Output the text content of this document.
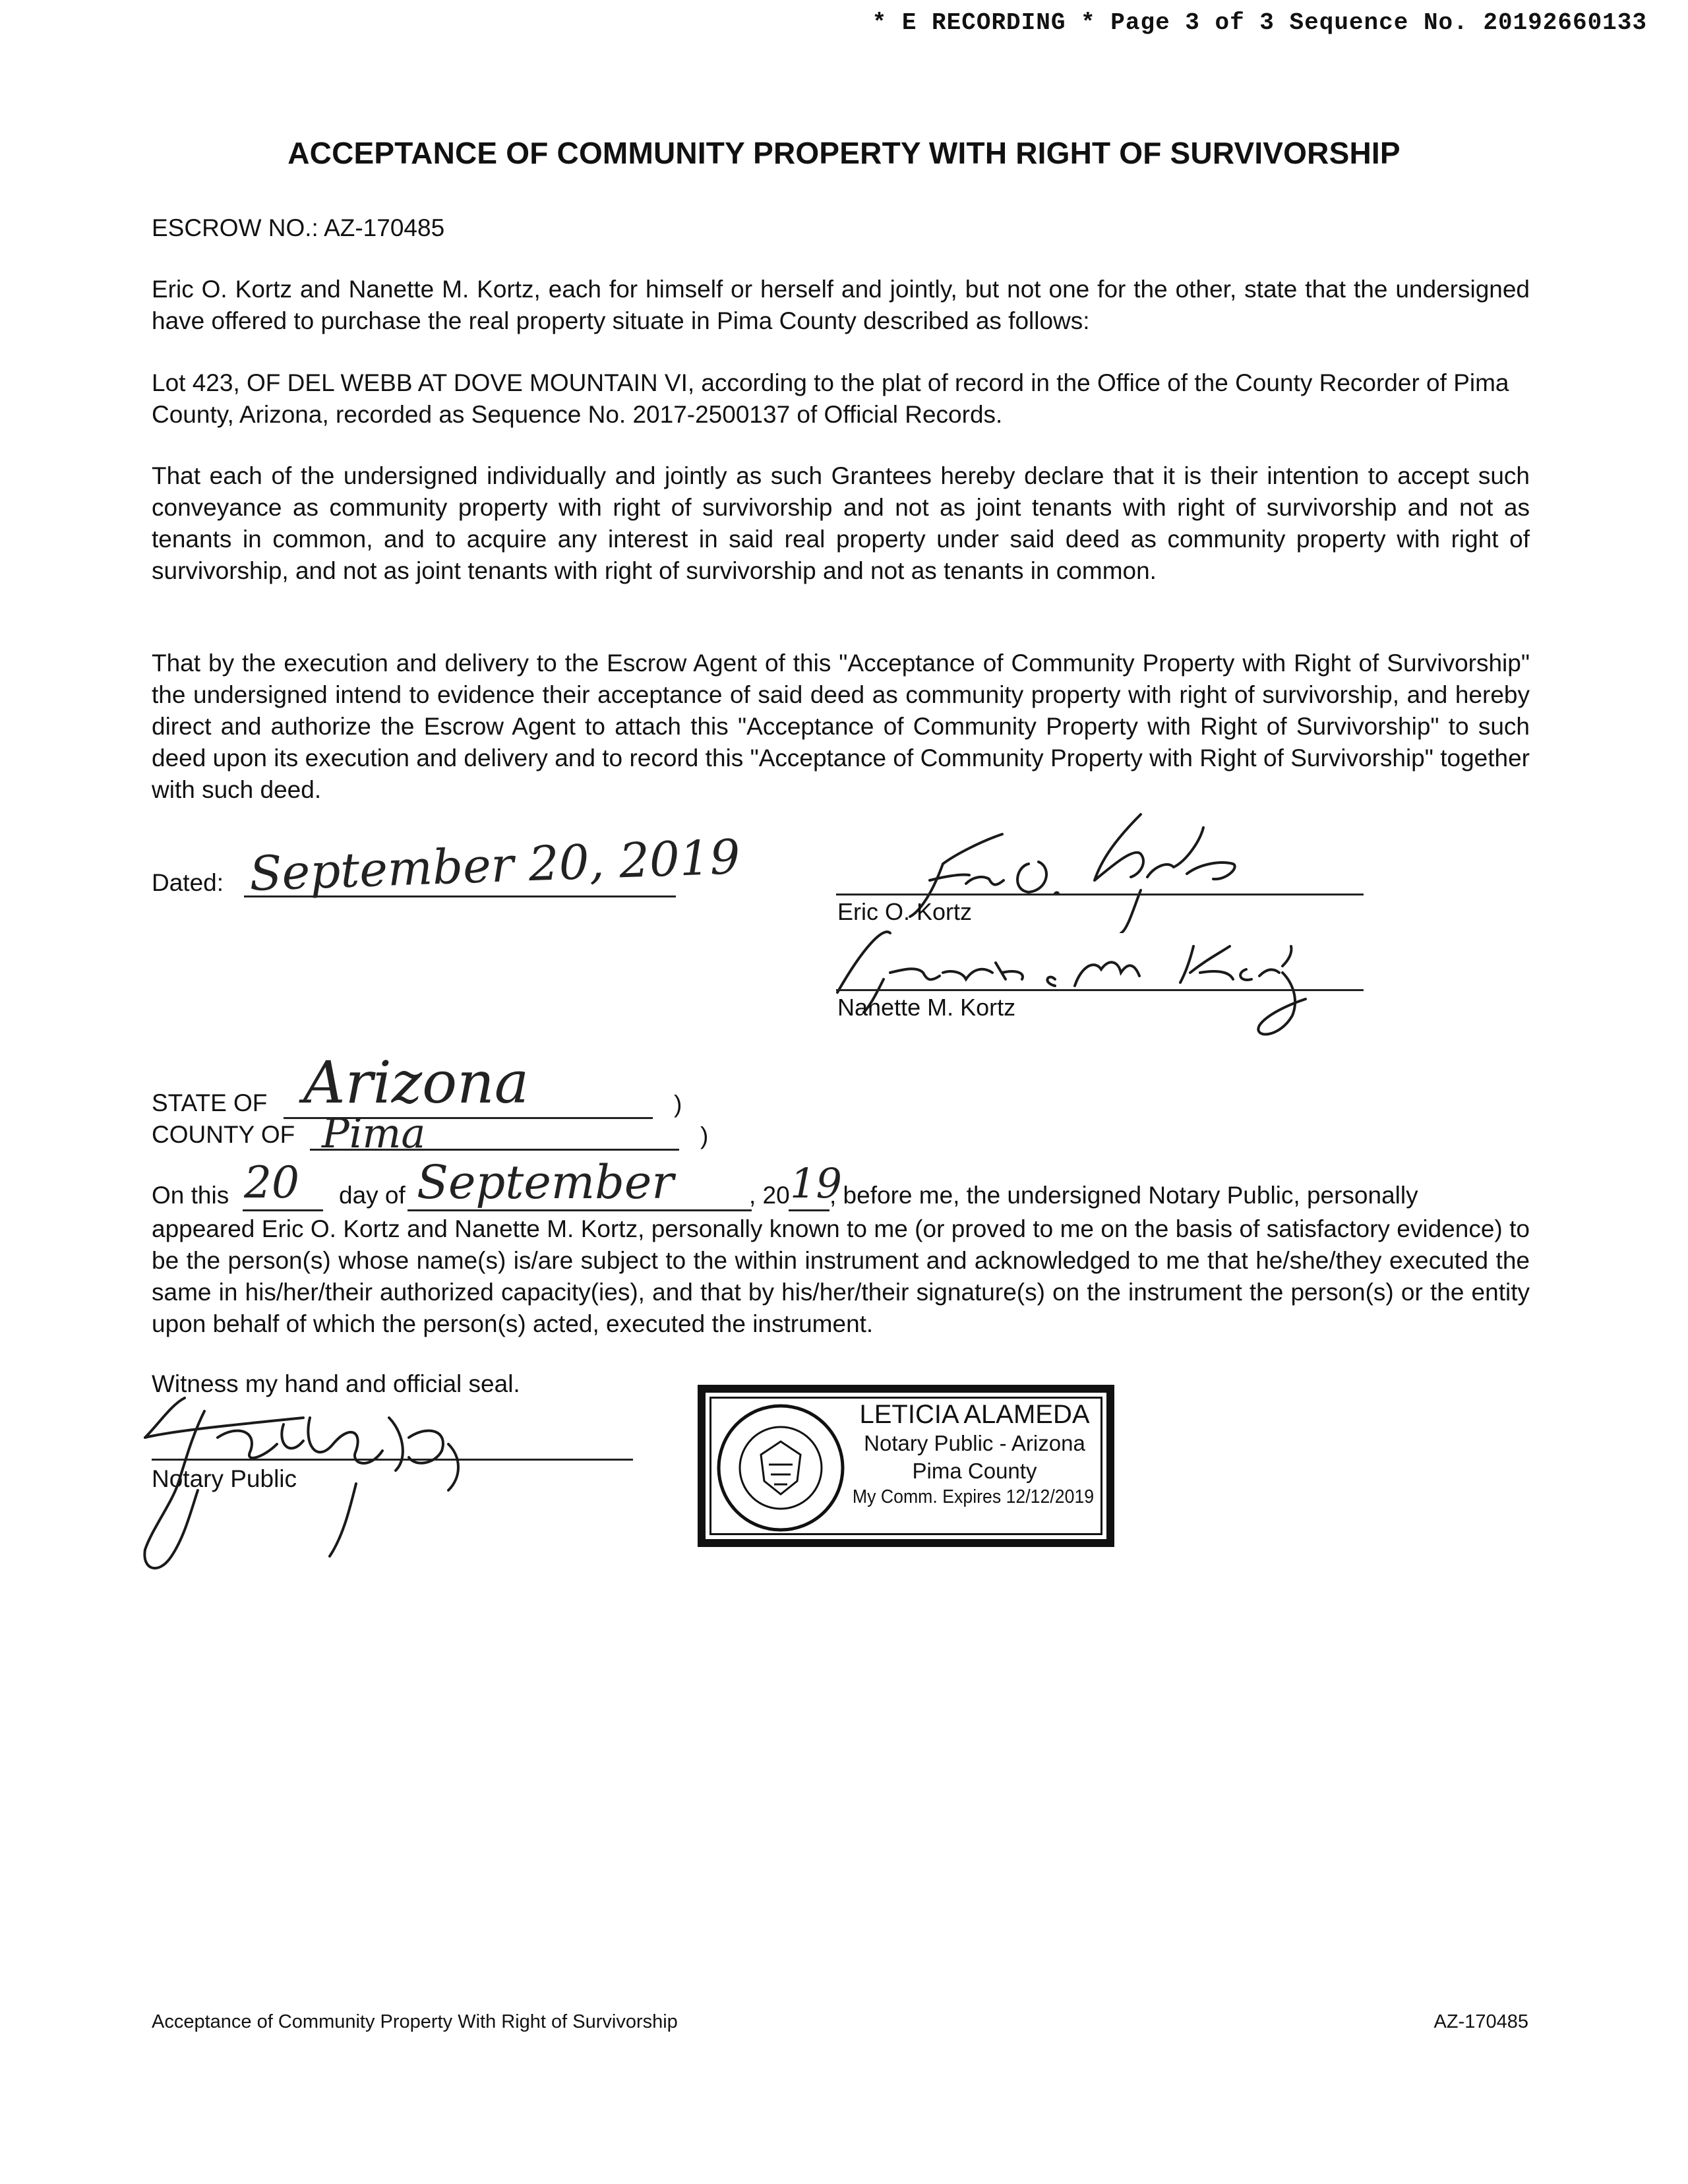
* E RECORDING * Page 3 of 3 Sequence No. 20192660133
ACCEPTANCE OF COMMUNITY PROPERTY WITH RIGHT OF SURVIVORSHIP
ESCROW NO.: AZ-170485

Eric O. Kortz and Nanette M. Kortz, each for himself or herself and jointly, but not one for the other, state that the undersigned have offered to purchase the real property situate in Pima County described as follows:

Lot 423, OF DEL WEBB AT DOVE MOUNTAIN VI, according to the plat of record in the Office of the County Recorder of Pima County, Arizona, recorded as Sequence No. 2017-2500137 of Official Records.

That each of the undersigned individually and jointly as such Grantees hereby declare that it is their intention to accept such conveyance as community property with right of survivorship and not as joint tenants with right of survivorship and not as tenants in common, and to acquire any interest in said real property under said deed as community property with right of survivorship, and not as joint tenants with right of survivorship and not as tenants in common.

That by the execution and delivery to the Escrow Agent of this "Acceptance of Community Property with Right of Survivorship" the undersigned intend to evidence their acceptance of said deed as community property with right of survivorship, and hereby direct and authorize the Escrow Agent to attach this "Acceptance of Community Property with Right of Survivorship" to such deed upon its execution and delivery and to record this "Acceptance of Community Property with Right of Survivorship" together with such deed.

Dated: September 20, 2019
Eric O. Kortz
Nanette M. Kortz
STATE OF Arizona	)
COUNTY OF Pima	)
On this 20 day of September	, 20 19
, before me, the undersigned Notary Public, personally

appeared Eric O. Kortz and Nanette M. Kortz, personally known to me (or proved to me on the basis of satisfactory evidence) to be the person(s) whose name(s) is/are subject to the within instrument and acknowledged to me that he/she/they executed the same in his/her/their authorized capacity(ies), and that by his/her/their signature(s) on the instrument the person(s) or the entity upon behalf of which the person(s) acted, executed the instrument.

Witness my hand and official seal.
Notary Public
LETICIA ALAMEDA
Notary Public - Arizona
Pima County
My Comm. Expires 12/12/2019
Acceptance of Community Property With Right of Survivorship	AZ-170485
